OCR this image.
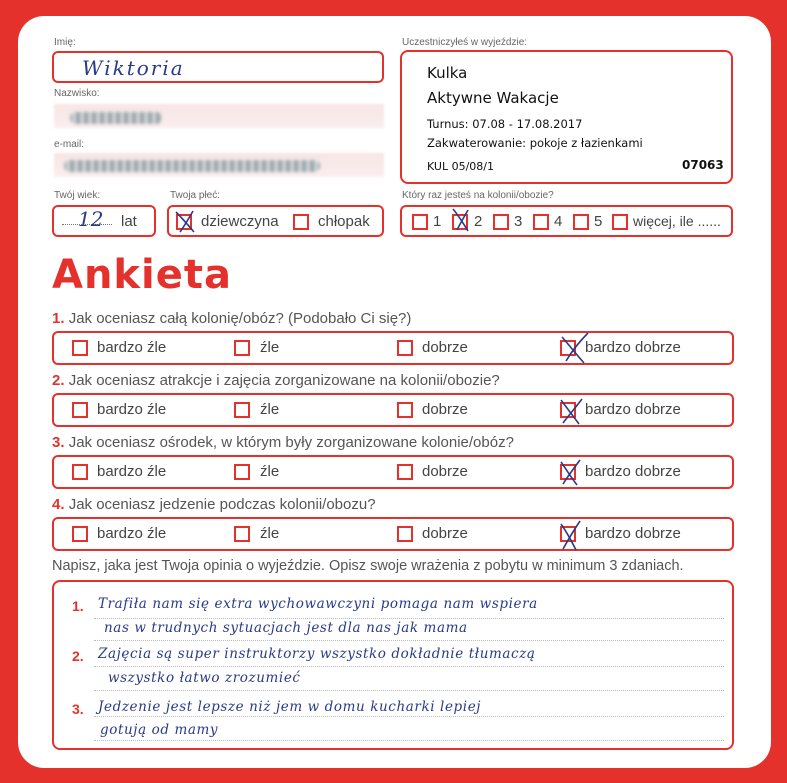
Imię:
Wiktoria
Nazwisko:
e-mail:
Twój wiek:
12 lat
Twoja płeć:
dziewczyna	chłopak
Uczestniczyłeś w wyjeździe:
Kulka
Aktywne Wakacje
Turnus: 07.08 - 17.08.2017
Zakwaterowanie: pokoje z łazienkami
KUL 05/08/1	07063
Który raz jesteś na kolonii/obozie?
1 2 3 4 5 więcej, ile ......
Ankieta
1. Jak oceniasz całą kolonię/obóz? (Podobało Ci się?)
bardzo źle	źle	dobrze	bardzo dobrze
2. Jak oceniasz atrakcje i zajęcia zorganizowane na kolonii/obozie?
bardzo źle	źle	dobrze	bardzo dobrze
3. Jak oceniasz ośrodek, w którym były zorganizowane kolonie/obóz?
bardzo źle	źle	dobrze	bardzo dobrze
4. Jak oceniasz jedzenie podczas kolonii/obozu?
bardzo źle	źle	dobrze	bardzo dobrze
Napisz, jaka jest Twoja opinia o wyjeździe. Opisz swoje wrażenia z pobytu w minimum 3 zdaniach.
1. Trafiła nam się extra wychowawczyni pomaga nam wspiera
nas w trudnych sytuacjach jest dla nas jak mama
2. Zajęcia są super instruktorzy wszystko dokładnie tłumaczą
wszystko łatwo zrozumieć
3. Jedzenie jest lepsze niż jem w domu kucharki lepiej
gotują od mamy
